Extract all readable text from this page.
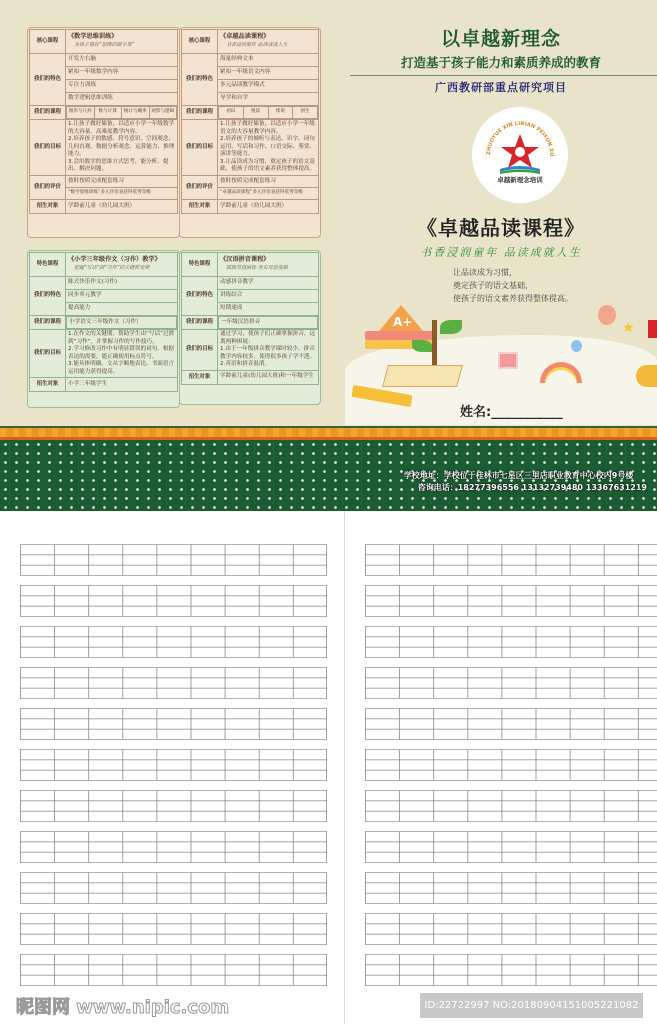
核心课程	《数学思维训练》
为孩子搭好“思维的脚手架”
我们的特色	开发左右脑
紧扣一年级数学内容
专注力训练
数学逻辑思维训练
我们的课程	图形与几何	数与计算	统计与概率	观察与逻辑

我们的目标	1.让孩子做好储备，以适应小学一年级数学的大容量、高难度教学内容。
2.培养孩子的数感、符号意识、空间观念、几何直观、数据分析观念、运算能力、推理能力。
3.会用数学的思维方式思考，能分析、提出、解决问题。
我们的评价	按时按质完成配套练习
“数学思维训练”多元评价表获得优秀等级
招生对象	学龄前儿童（幼儿园大班）
核心课程	《卓越品读课程》
书香浸润童年 品读成就人生
我们的特色	海量经典文本
紧扣一年级语文内容
多元品读教学模式
导学和自学
我们的课程		初识	悦读	续说	创生

我们的目标	1.让孩子做好储备，以适应小学一年级语文的大容量教学内容。
2.培养孩子的倾听与表达、识字、词句运用、写话和习作、口语交际、鉴赏、演讲等能力。
3.让品读成为习惯，奠定孩子的语文基础，使孩子的语文素养获得整体提高。
我们的评价	按时按质完成配套练习
“卓越品读课程”多元评价表获得优秀等级
招生对象	学龄前儿童（幼儿园大班）
特色课程	《小学三年级作文（习作）教学》
把握“写话”到“习作”的关键转变期
我们的特色	陈式快乐作文(习作)
同步单元教学
提高能力
我们的课程	小学语文三年级作文（习作）

我们的目标	1.在作文的关键期，帮助学生由“写话”过渡到“习作”，并掌握习作的写作技巧。
2.学习修改习作中有明显错误的词句。根据表达的需要，能正确使用标点符号。
3.能具体明确、文从字顺地表达。书面语言运用能力获得提高。
招生对象	小学三年级学生
特色课程	《汉语拼音课程》
摆脱英语困扰 务实母语基础
我们的特色	动感拼音教学
讲练结合
短期速成
我们的课程	一年级汉语拼音

我们的目标	通过学习，使孩子们正确掌握拼音，远离两种困境：
1.由于一年级拼音教学课时较少，拼音教学内容较多，使得很多孩子学不透。
2.英语和拼音混淆。
招生对象	学龄前儿童(幼儿园大班)和一年级学生
以卓越新理念
打造基于孩子能力和素质养成的教育
广西教研部重点研究项目
ZHUOYUE XIN LINIAN PEIXUN XU
卓越新理念培训
《卓越品读课程》
书香浸润童年 品读成就人生
让品读成为习惯，
奠定孩子的语文基础，
使孩子的语文素养获得整体提高。
A+	★
姓名:___________
学校地址：学校位于桂林市七星区三里店职业教育中心校内9号楼
咨询电话：18277396556 13132739480 13367631219
昵图网 www.nipic.com	ID:22722997 NO:20180904151005221082
